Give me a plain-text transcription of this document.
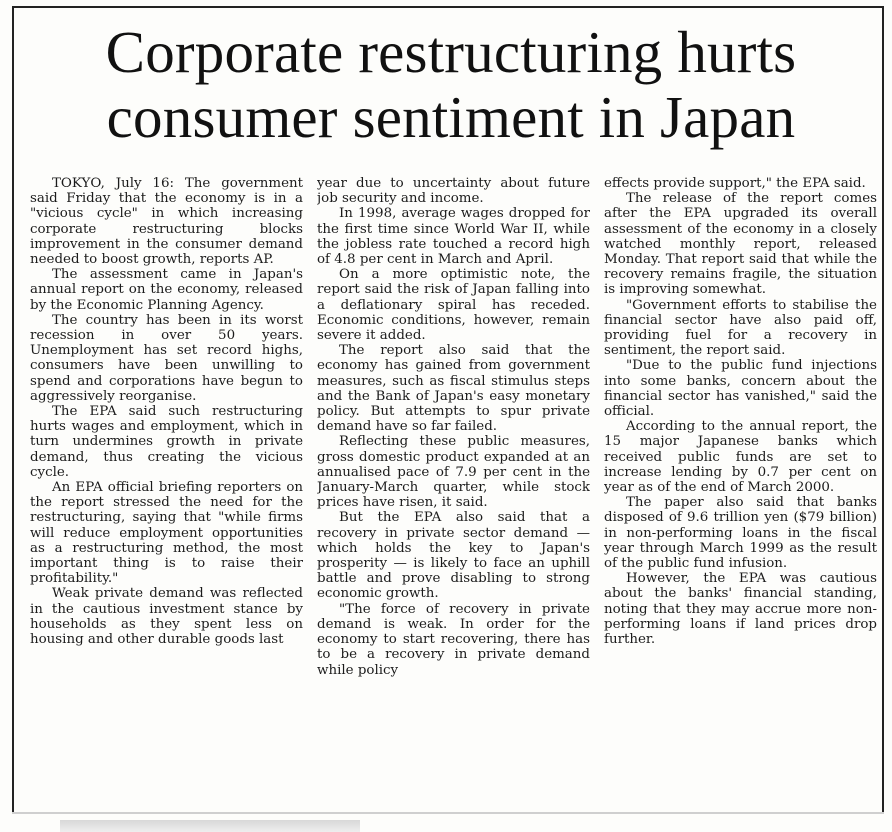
Corporate restructuring hurts consumer sentiment in Japan

TOKYO, July 16: The government said Friday that the economy is in a "vicious cycle" in which increasing corporate restructuring blocks improvement in the consumer demand needed to boost growth, reports AP.

The assessment came in Japan's annual report on the economy, released by the Economic Planning Agency.

The country has been in its worst recession in over 50 years. Unemployment has set record highs, consumers have been unwilling to spend and corporations have begun to aggressively reorganise.

The EPA said such restructuring hurts wages and employment, which in turn undermines growth in private demand, thus creating the vicious cycle.

An EPA official briefing reporters on the report stressed the need for the restructuring, saying that "while firms will reduce employment opportunities as a restructuring method, the most important thing is to raise their profitability."

Weak private demand was reflected in the cautious investment stance by households as they spent less on housing and other durable goods last

year due to uncertainty about future job security and income.

In 1998, average wages dropped for the first time since World War II, while the jobless rate touched a record high of 4.8 per cent in March and April.

On a more optimistic note, the report said the risk of Japan falling into a deflationary spiral has receded. Economic conditions, however, remain severe it added.

The report also said that the economy has gained from government measures, such as fiscal stimulus steps and the Bank of Japan's easy monetary policy. But attempts to spur private demand have so far failed.

Reflecting these public measures, gross domestic product expanded at an annualised pace of 7.9 per cent in the January-March quarter, while stock prices have risen, it said.

But the EPA also said that a recovery in private sector demand — which holds the key to Japan's prosperity — is likely to face an uphill battle and prove disabling to strong economic growth.

"The force of recovery in private demand is weak. In order for the economy to start recovering, there has to be a recovery in private demand while policy

effects provide support," the EPA said.

The release of the report comes after the EPA upgraded its overall assessment of the economy in a closely watched monthly report, released Monday. That report said that while the recovery remains fragile, the situation is improving somewhat.

"Government efforts to stabilise the financial sector have also paid off, providing fuel for a recovery in sentiment, the report said.

"Due to the public fund injections into some banks, concern about the financial sector has vanished," said the official.

According to the annual report, the 15 major Japanese banks which received public funds are set to increase lending by 0.7 per cent on year as of the end of March 2000.

The paper also said that banks disposed of 9.6 trillion yen ($79 billion) in non-performing loans in the fiscal year through March 1999 as the result of the public fund infusion.

However, the EPA was cautious about the banks' financial standing, noting that they may accrue more non-performing loans if land prices drop further.
